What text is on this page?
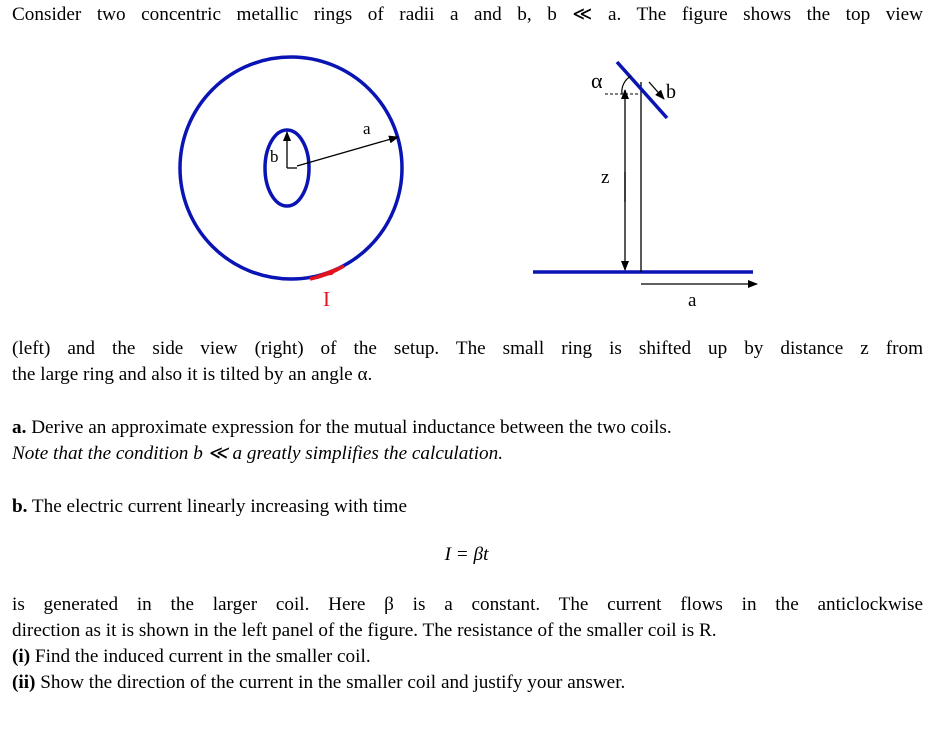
Consider two concentric metallic rings of radii a and b, b ≪ a. The figure shows the top view
a
b
I
z
b
α
a
(left) and the side view (right) of the setup. The small ring is shifted up by distance z from
the large ring and also it is tilted by an angle α.
a. Derive an approximate expression for the mutual inductance between the two coils.
Note that the condition b ≪ a greatly simplifies the calculation.
b. The electric current linearly increasing with time
I = βt
is generated in the larger coil. Here β is a constant. The current flows in the anticlockwise
direction as it is shown in the left panel of the figure. The resistance of the smaller coil is R.
(i) Find the induced current in the smaller coil.
(ii) Show the direction of the current in the smaller coil and justify your answer.
